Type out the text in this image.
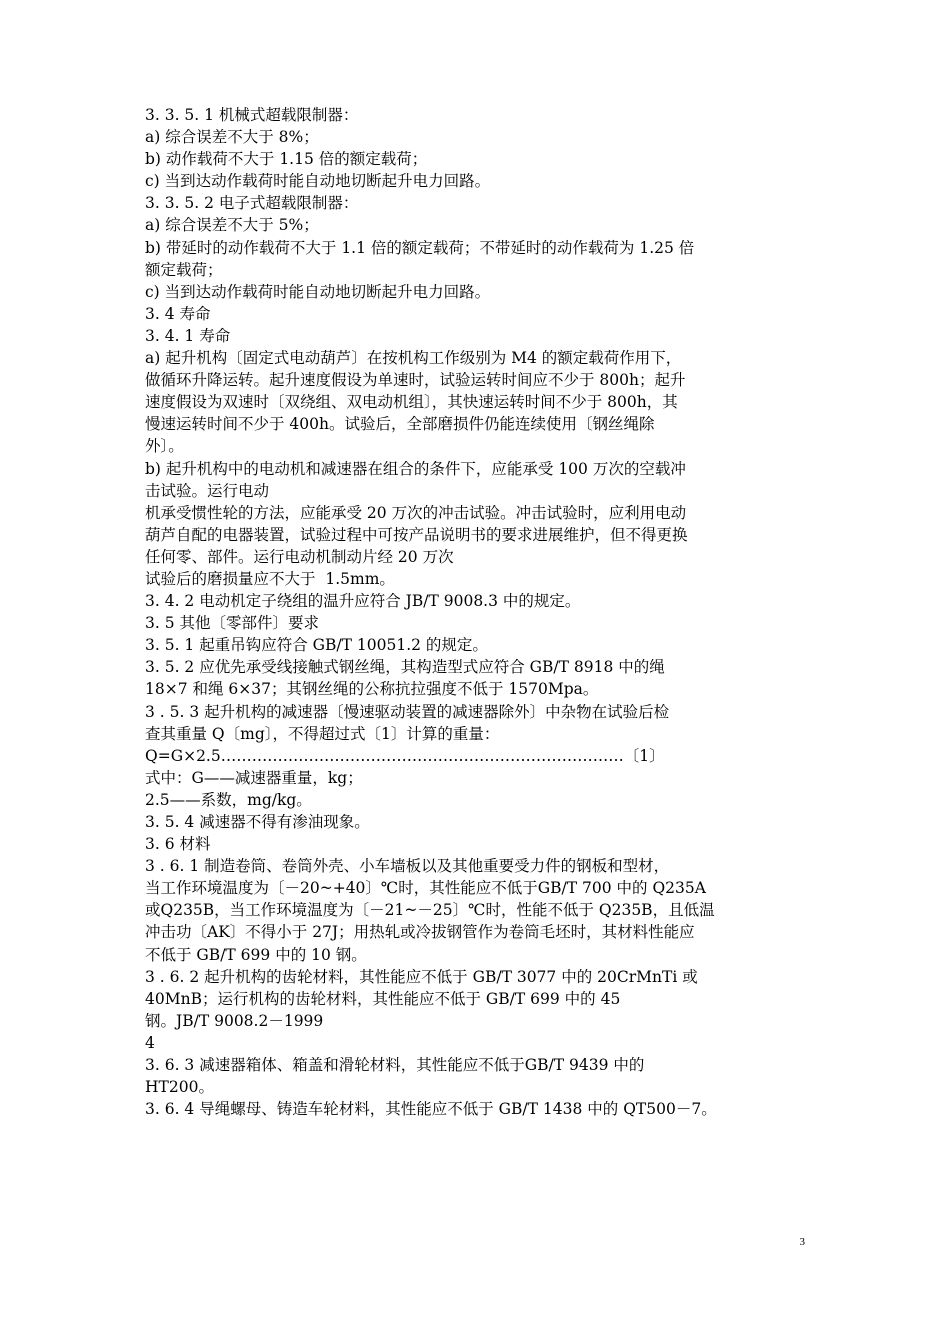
3. 3. 5. 1 机械式超载限制器：
a) 综合误差不大于 8%；
b) 动作载荷不大于 1.15 倍的额定载荷；
c) 当到达动作载荷时能自动地切断起升电力回路。
3. 3. 5. 2 电子式超载限制器：
a) 综合误差不大于 5%；
b) 带延时的动作载荷不大于 1.1 倍的额定载荷；不带延时的动作载荷为 1.25 倍
额定载荷；
c) 当到达动作载荷时能自动地切断起升电力回路。
3. 4 寿命
3. 4. 1 寿命
a) 起升机构〔固定式电动葫芦〕在按机构工作级别为 M4 的额定载荷作用下，
做循环升降运转。起升速度假设为单速时，试验运转时间应不少于 800h；起升
速度假设为双速时〔双绕组、双电动机组〕，其快速运转时间不少于 800h，其
慢速运转时间不少于 400h。试验后，全部磨损件仍能连续使用〔钢丝绳除
外〕。
b) 起升机构中的电动机和减速器在组合的条件下，应能承受 100 万次的空载冲
击试验。运行电动
机承受惯性轮的方法，应能承受 20 万次的冲击试验。冲击试验时，应利用电动
葫芦自配的电器装置，试验过程中可按产品说明书的要求进展维护，但不得更换
任何零、部件。运行电动机制动片经 20 万次
试验后的磨损量应不大于  1.5mm。
3. 4. 2 电动机定子绕组的温升应符合 JB/T 9008.3 中的规定。
3. 5 其他〔零部件〕要求
3. 5. 1 起重吊钩应符合 GB/T 10051.2 的规定。
3. 5. 2 应优先承受线接触式钢丝绳，其构造型式应符合 GB/T 8918 中的绳
18×7 和绳 6×37；其钢丝绳的公称抗拉强度不低于 1570Mpa。
3 . 5. 3 起升机构的减速器〔慢速驱动装置的减速器除外〕中杂物在试验后检
查其重量 Q〔mg〕，不得超过式〔1〕计算的重量：
Q=G×2.5……………………………………………………………………〔1〕
式中：G——减速器重量，kg；
2.5——系数，mg/kg。
3. 5. 4 减速器不得有渗油现象。
3. 6 材料
3 . 6. 1 制造卷筒、卷筒外壳、小车墙板以及其他重要受力件的钢板和型材，
当工作环境温度为〔－20~+40〕℃时，其性能应不低于GB/T 700 中的 Q235A
或Q235B，当工作环境温度为〔－21~－25〕℃时，性能不低于 Q235B，且低温
冲击功〔AK〕不得小于 27J；用热轧或冷拔钢管作为卷筒毛坯时，其材料性能应
不低于 GB/T 699 中的 10 钢。
3 . 6. 2 起升机构的齿轮材料，其性能应不低于 GB/T 3077 中的 20CrMnTi 或
40MnB；运行机构的齿轮材料，其性能应不低于 GB/T 699 中的 45
钢。JB/T 9008.2－1999
4
3. 6. 3 减速器箱体、箱盖和滑轮材料，其性能应不低于GB/T 9439 中的
HT200。
3. 6. 4 导绳螺母、铸造车轮材料，其性能应不低于 GB/T 1438 中的 QT500－7。
3
